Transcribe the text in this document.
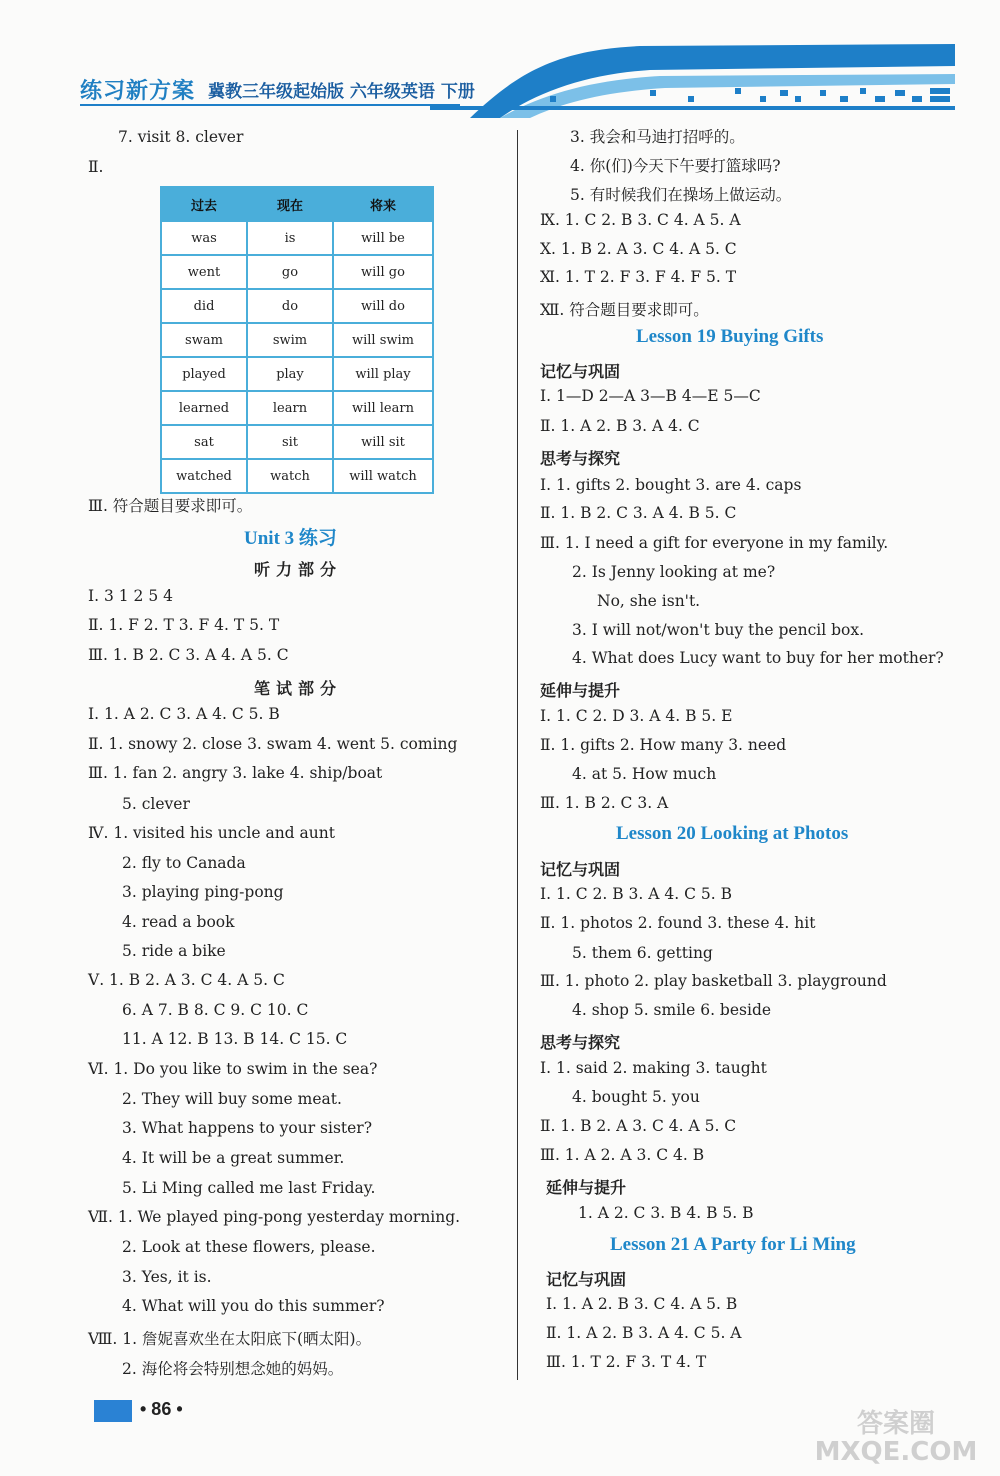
练习新方案 冀教三年级起始版 六年级英语 下册
7. visit 8. clever
Ⅱ.
过去	现在	将来
was	is	will be
went	go	will go
did	do	will do
swam	swim	will swim
played	play	will play
learned	learn	will learn
sat	sit	will sit
watched	watch	will watch
Ⅲ. 符合题目要求即可。
Unit 3 练习
听力部分
Ⅰ. 3 1 2 5 4
Ⅱ. 1. F 2. T 3. F 4. T 5. T
Ⅲ. 1. B 2. C 3. A 4. A 5. C
笔试部分
Ⅰ. 1. A 2. C 3. A 4. C 5. B
Ⅱ. 1. snowy 2. close 3. swam 4. went 5. coming
Ⅲ. 1. fan 2. angry 3. lake 4. ship/boat
5. clever
Ⅳ. 1. visited his uncle and aunt
2. fly to Canada
3. playing ping-pong
4. read a book
5. ride a bike
Ⅴ. 1. B 2. A 3. C 4. A 5. C
6. A 7. B 8. C 9. C 10. C
11. A 12. B 13. B 14. C 15. C
Ⅵ. 1. Do you like to swim in the sea?
2. They will buy some meat.
3. What happens to your sister?
4. It will be a great summer.
5. Li Ming called me last Friday.
Ⅶ. 1. We played ping-pong yesterday morning.
2. Look at these flowers, please.
3. Yes, it is.
4. What will you do this summer?
Ⅷ. 1. 詹妮喜欢坐在太阳底下(晒太阳)。
2. 海伦将会特别想念她的妈妈。
• 86 •
3. 我会和马迪打招呼的。
4. 你(们)今天下午要打篮球吗?
5. 有时候我们在操场上做运动。
Ⅸ. 1. C 2. B 3. C 4. A 5. A
Ⅹ. 1. B 2. A 3. C 4. A 5. C
Ⅺ. 1. T 2. F 3. F 4. F 5. T
Ⅻ. 符合题目要求即可。
Lesson 19 Buying Gifts
记忆与巩固
Ⅰ. 1—D 2—A 3—B 4—E 5—C
Ⅱ. 1. A 2. B 3. A 4. C
思考与探究
Ⅰ. 1. gifts 2. bought 3. are 4. caps
Ⅱ. 1. B 2. C 3. A 4. B 5. C
Ⅲ. 1. I need a gift for everyone in my family.
2. Is Jenny looking at me?
No, she isn't.
3. I will not/won't buy the pencil box.
4. What does Lucy want to buy for her mother?
延伸与提升
Ⅰ. 1. C 2. D 3. A 4. B 5. E
Ⅱ. 1. gifts 2. How many 3. need
4. at 5. How much
Ⅲ. 1. B 2. C 3. A
Lesson 20 Looking at Photos
记忆与巩固
Ⅰ. 1. C 2. B 3. A 4. C 5. B
Ⅱ. 1. photos 2. found 3. these 4. hit
5. them 6. getting
Ⅲ. 1. photo 2. play basketball 3. playground
4. shop 5. smile 6. beside
思考与探究
Ⅰ. 1. said 2. making 3. taught
4. bought 5. you
Ⅱ. 1. B 2. A 3. C 4. A 5. C
Ⅲ. 1. A 2. A 3. C 4. B
延伸与提升
1. A 2. C 3. B 4. B 5. B
Lesson 21 A Party for Li Ming
记忆与巩固
Ⅰ. 1. A 2. B 3. C 4. A 5. B
Ⅱ. 1. A 2. B 3. A 4. C 5. A
Ⅲ. 1. T 2. F 3. T 4. T
答案圈 MXQE.COM
